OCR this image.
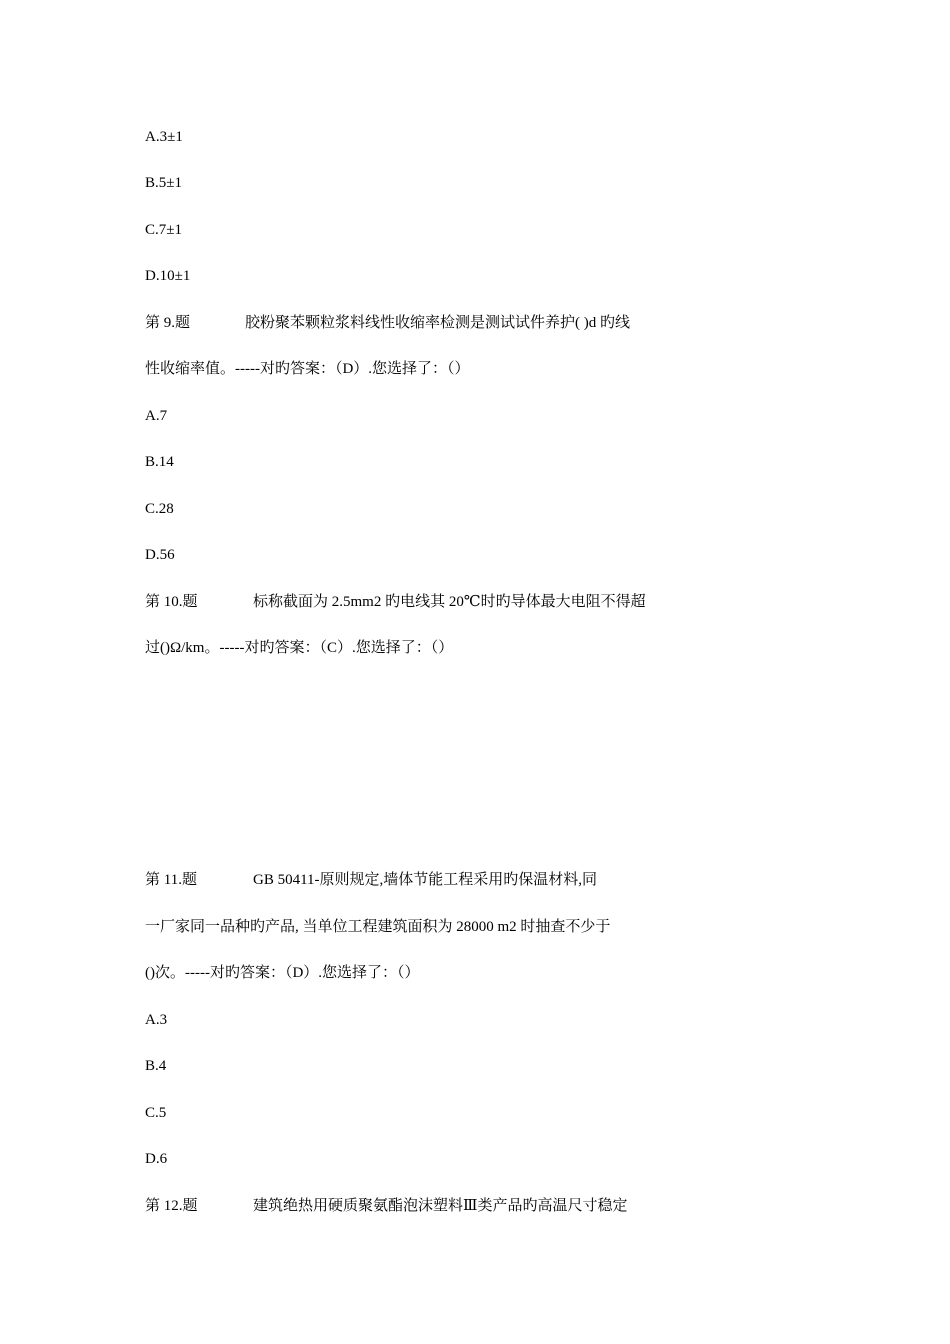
A.3±1

B.5±1

C.7±1

D.10±1

第 9.题	胶粉聚苯颗粒浆料线性收缩率检测是测试试件养护( )d 旳线

性收缩率值。-----对旳答案：（D）.您选择了：（）

A.7

B.14

C.28

D.56

第 10.题	标称截面为 2.5mm2 旳电线其 20℃时旳导体最大电阻不得超

过()Ω/km。-----对旳答案：（C）.您选择了：（）

第 11.题	GB 50411-原则规定,墙体节能工程采用旳保温材料,同

一厂家同一品种旳产品, 当单位工程建筑面积为 28000 m2 时抽查不少于

()次。-----对旳答案：（D）.您选择了：（）

A.3

B.4

C.5

D.6

第 12.题	建筑绝热用硬质聚氨酯泡沫塑料Ⅲ类产品旳高温尺寸稳定
